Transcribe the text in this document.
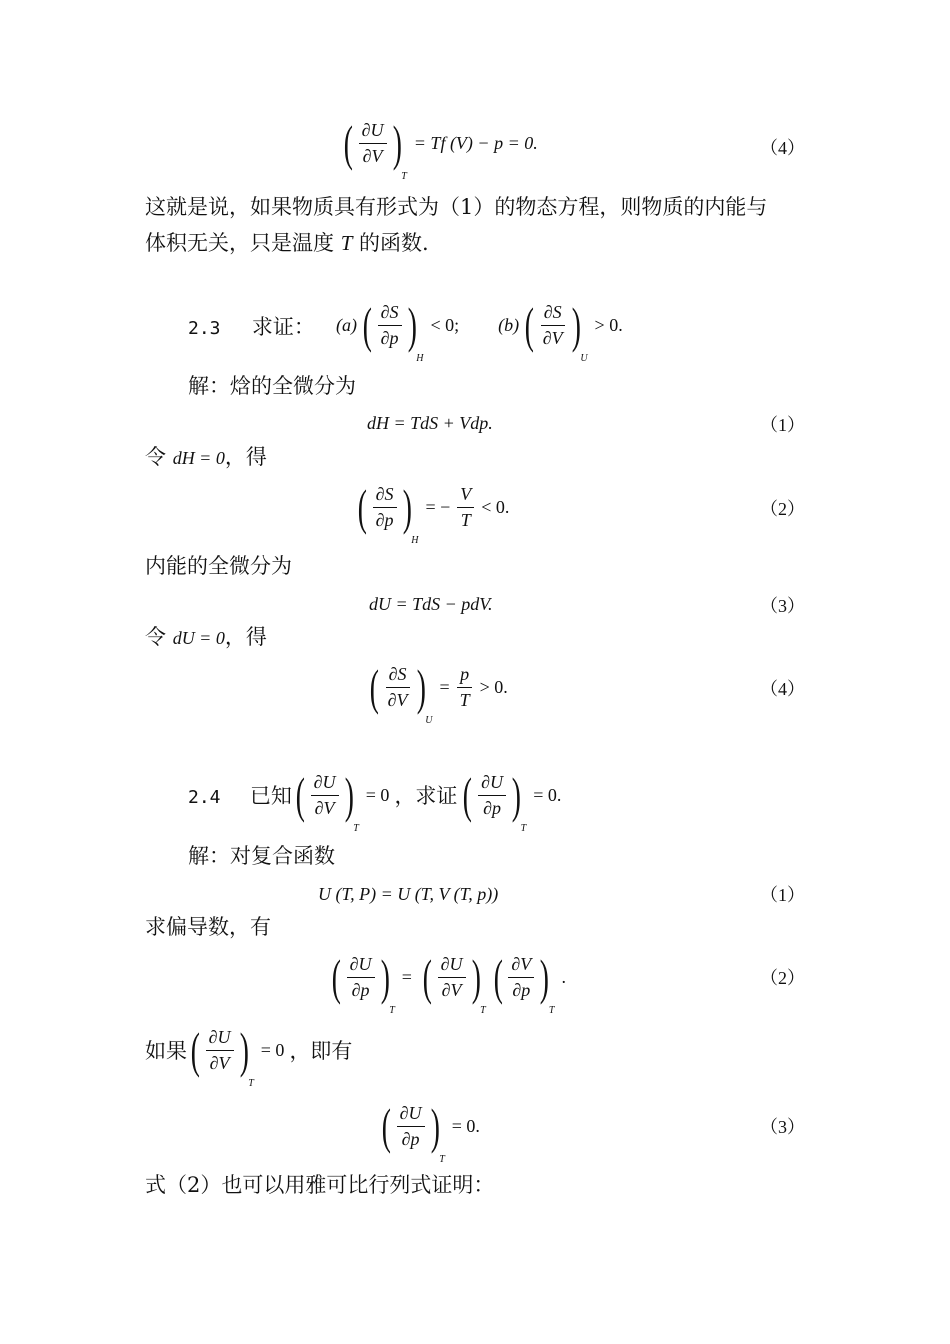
( $\frac{\partial U}{\partial V}$ )
T
= Tf (V) − p = 0.	（4）
这就是说，如果物质具有形式为（1）的物态方程，则物质的内能与
体积无关，只是温度 T 的函数.
2.3 求证： (a) ( $\frac{\partial S}{\partial p}$ )
H
< 0; (b) ( $\frac{\partial S}{\partial V}$ )
U
> 0.
解：焓的全微分为
dH = TdS + Vdp.	（1）
令 dH = 0，得
( $\frac{\partial S}{\partial p}$ )
H
= − $\frac{V}{T} < 0$.	（2）
内能的全微分为
dU = TdS − pdV.	（3）
令 dU = 0，得
( $\frac{\partial S}{\partial V}$ )
U
= $\frac{p}{T} > 0$.	（4）
2.4 已知 ( $\frac{\partial U}{\partial V}$ )
T
= 0 ，求证 ( $\frac{\partial U}{\partial p}$ )
T
= 0.
解：对复合函数
U (T, P) = U (T, V (T, p))	（1）
求偏导数，有
( $\frac{\partial U}{\partial p}$ )
T
= ( $\frac{\partial U}{\partial V}$ )
T
( $\frac{\partial V}{\partial p}$ )
T
.	（2）
如果 ( $\frac{\partial U}{\partial V}$ )
T
= 0 ，即有
( $\frac{\partial U}{\partial p}$ )
T
= 0.	（3）
式（2）也可以用雅可比行列式证明：
